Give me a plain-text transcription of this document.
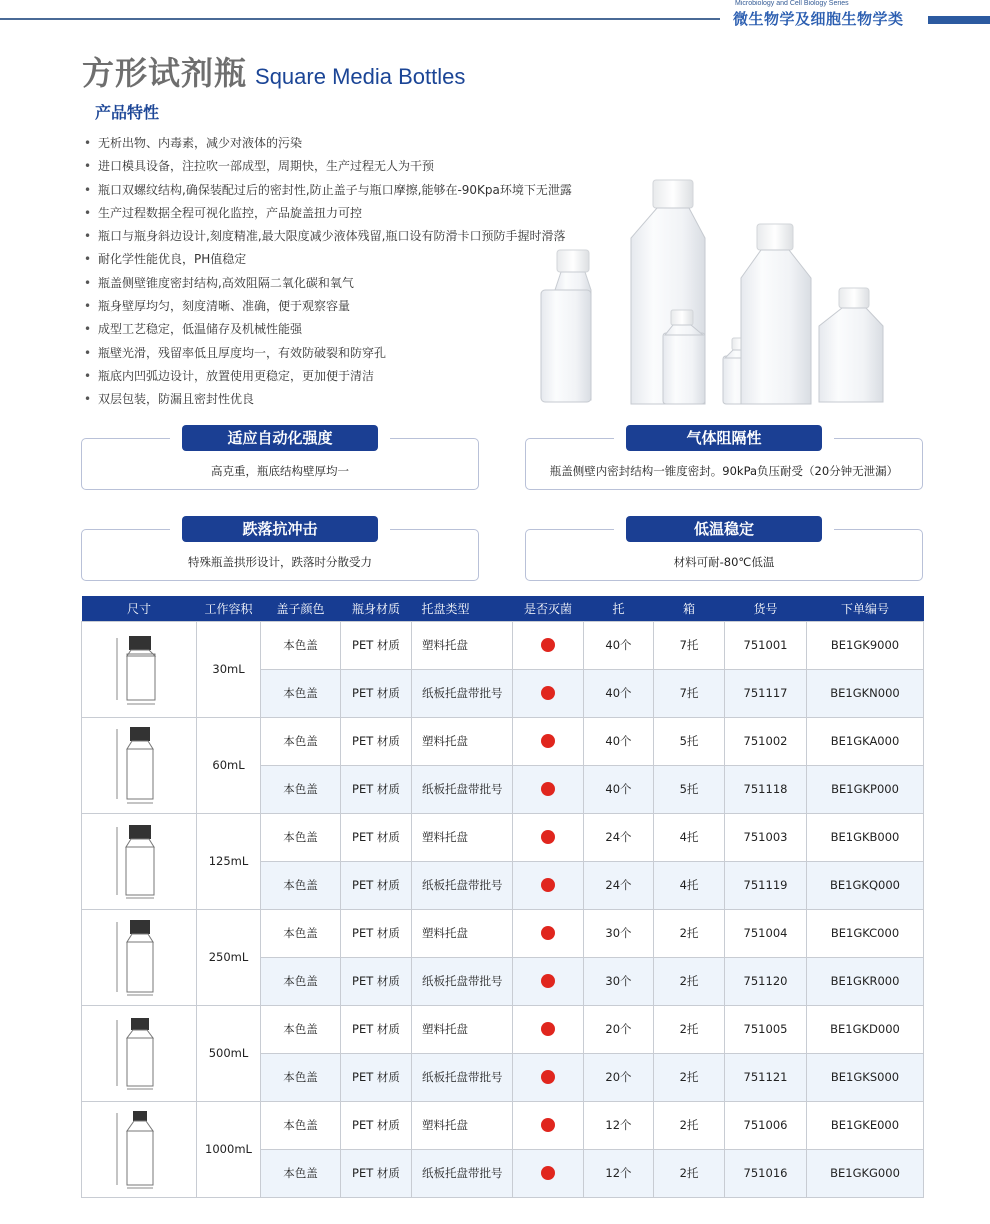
Microbiology and Cell Biology Series
微生物学及细胞生物学类
方形试剂瓶 Square Media Bottles
产品特性
• 无析出物、内毒素，减少对液体的污染
• 进口模具设备，注拉吹一部成型，周期快，生产过程无人为干预
• 瓶口双螺纹结构,确保装配过后的密封性,防止盖子与瓶口摩擦,能够在-90Kpa环境下无泄露
• 生产过程数据全程可视化监控，产品旋盖扭力可控
• 瓶口与瓶身斜边设计,刻度精准,最大限度减少液体残留,瓶口设有防滑卡口预防手握时滑落
• 耐化学性能优良，PH值稳定
• 瓶盖侧壁锥度密封结构,高效阻隔二氧化碳和氧气
• 瓶身壁厚均匀，刻度清晰、准确，便于观察容量
• 成型工艺稳定，低温储存及机械性能强
• 瓶壁光滑，残留率低且厚度均一，有效防破裂和防穿孔
• 瓶底内凹弧边设计，放置使用更稳定，更加便于清洁
• 双层包装，防漏且密封性优良
适应自动化强度
高克重，瓶底结构壁厚均一
气体阻隔性
瓶盖侧壁内密封结构一锥度密封。90kPa负压耐受（20分钟无泄漏）
跌落抗冲击
特殊瓶盖拱形设计，跌落时分散受力
低温稳定
材料可耐-80℃低温
尺寸	工作容积	盖子颜色	瓶身材质	托盘类型	是否灭菌	托	箱	货号	下单编号

	30mL	本色盖	PET 材质	塑料托盘		40个	7托	751001	BE1GK9000
		本色盖	PET 材质	纸板托盘带批号		40个	7托	751117	BE1GKN000

	60mL	本色盖	PET 材质	塑料托盘		40个	5托	751002	BE1GKA000
		本色盖	PET 材质	纸板托盘带批号		40个	5托	751118	BE1GKP000

	125mL	本色盖	PET 材质	塑料托盘		24个	4托	751003	BE1GKB000
		本色盖	PET 材质	纸板托盘带批号		24个	4托	751119	BE1GKQ000

	250mL	本色盖	PET 材质	塑料托盘		30个	2托	751004	BE1GKC000
		本色盖	PET 材质	纸板托盘带批号		30个	2托	751120	BE1GKR000

	500mL	本色盖	PET 材质	塑料托盘		20个	2托	751005	BE1GKD000
		本色盖	PET 材质	纸板托盘带批号		20个	2托	751121	BE1GKS000

	1000mL	本色盖	PET 材质	塑料托盘		12个	2托	751006	BE1GKE000
		本色盖	PET 材质	纸板托盘带批号		12个	2托	751016	BE1GKG000
